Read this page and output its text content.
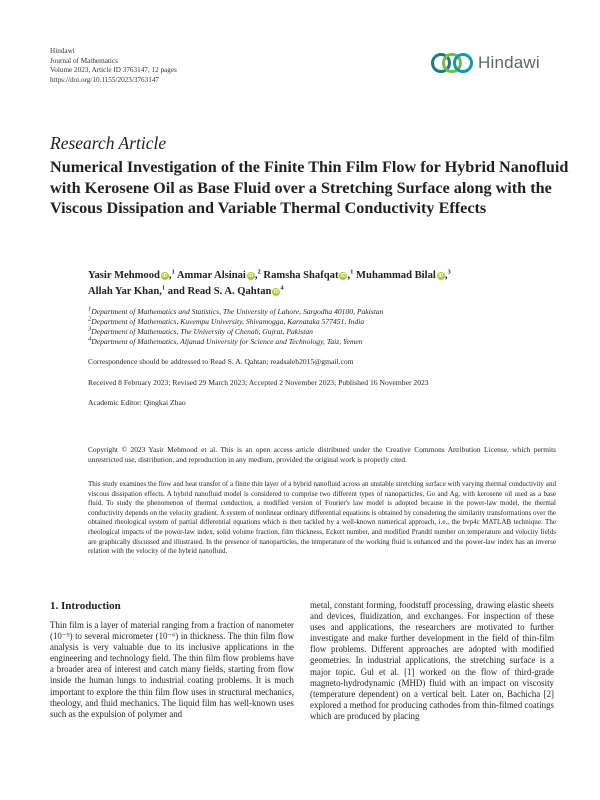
Hindawi
Journal of Mathematics
Volume 2023, Article ID 3763147, 12 pages
https://doi.org/10.1155/2023/3763147
Hindawi
Research Article
Numerical Investigation of the Finite Thin Film Flow for Hybrid Nanofluid with Kerosene Oil as Base Fluid over a Stretching Surface along with the Viscous Dissipation and Variable Thermal Conductivity Effects
Yasir Mehmood iD ,$^1$ Ammar Alsinai iD ,$^2$ Ramsha Shafqat iD ,$^1$ Muhammad Bilal iD ,$^3$
Allah Yar Khan,$^1$ and Read S. A. Qahtan $iD^4$
$^1$Department of Mathematics and Statistics, The University of Lahore, Sargodha 40100, Pakistan
$^2$Department of Mathematics, Kuvempu University, Shivamogga, Karnataka 577451, India
$^3$Department of Mathematics, The University of Chenab, Gujrat, Pakistan
$^4$Department of Mathematics, Aljanad University for Science and Technology, Taiz, Yemen
Correspondence should be addressed to Read S. A. Qahtan; readsaleh2015@gmail.com
Received 8 February 2023; Revised 29 March 2023; Accepted 2 November 2023; Published 16 November 2023
Academic Editor: Qingkai Zhao
Copyright © 2023 Yasir Mehmood et al. This is an open access article distributed under the Creative Commons Attribution License, which permits unrestricted use, distribution, and reproduction in any medium, provided the original work is properly cited.
This study examines the flow and heat transfer of a finite thin layer of a hybrid nanofluid across an unstable stretching surface with varying thermal conductivity and viscous dissipation effects. A hybrid nanofluid model is considered to comprise two different types of nanoparticles, Go and Ag, with kerosene oil used as a base fluid. To study the phenomenon of thermal conduction, a modified version of Fourier's law model is adopted because in the power-law model, the thermal conductivity depends on the velocity gradient. A system of nonlinear ordinary differential equations is obtained by considering the similarity transformations over the obtained rheological system of partial differential equations which is then tackled by a well-known numerical approach, i.e., the bvp4c MATLAB technique. The rheological impacts of the power-law index, solid volume fraction, film thickness, Eckert number, and modified Prandtl number on temperature and velocity fields are graphically discussed and illustrated. In the presence of nanoparticles, the temperature of the working fluid is enhanced and the power-law index has an inverse relation with the velocity of the hybrid nanofluid.
1. Introduction
Thin film is a layer of material ranging from a fraction of nanometer (10⁻⁹) to several micrometer (10⁻⁶) in thickness. The thin film flow analysis is very valuable due to its inclusive applications in the engineering and technology field. The thin film flow problems have a broader area of interest and catch many fields, starting from flow inside the human lungs to industrial coating problems. It is much important to explore the thin film flow uses in structural mechanics, theology, and fluid mechanics. The liquid film has well-known uses such as the expulsion of polymer and
metal, constant forming, foodstuff processing, drawing elastic sheets and devices, fluidization, and exchanges. For inspection of these uses and applications, the researchers are motivated to further investigate and make further development in the field of thin-film flow problems. Different approaches are adopted with modified geometries. In industrial applications, the stretching surface is a major topic. Gul et al. [1] worked on the flow of third-grade magneto-hydrodynamic (MHD) fluid with an impact on viscosity (temperature dependent) on a vertical belt. Later on, Bachicha [2] explored a method for producing cathodes from thin-filmed coatings which are produced by placing
